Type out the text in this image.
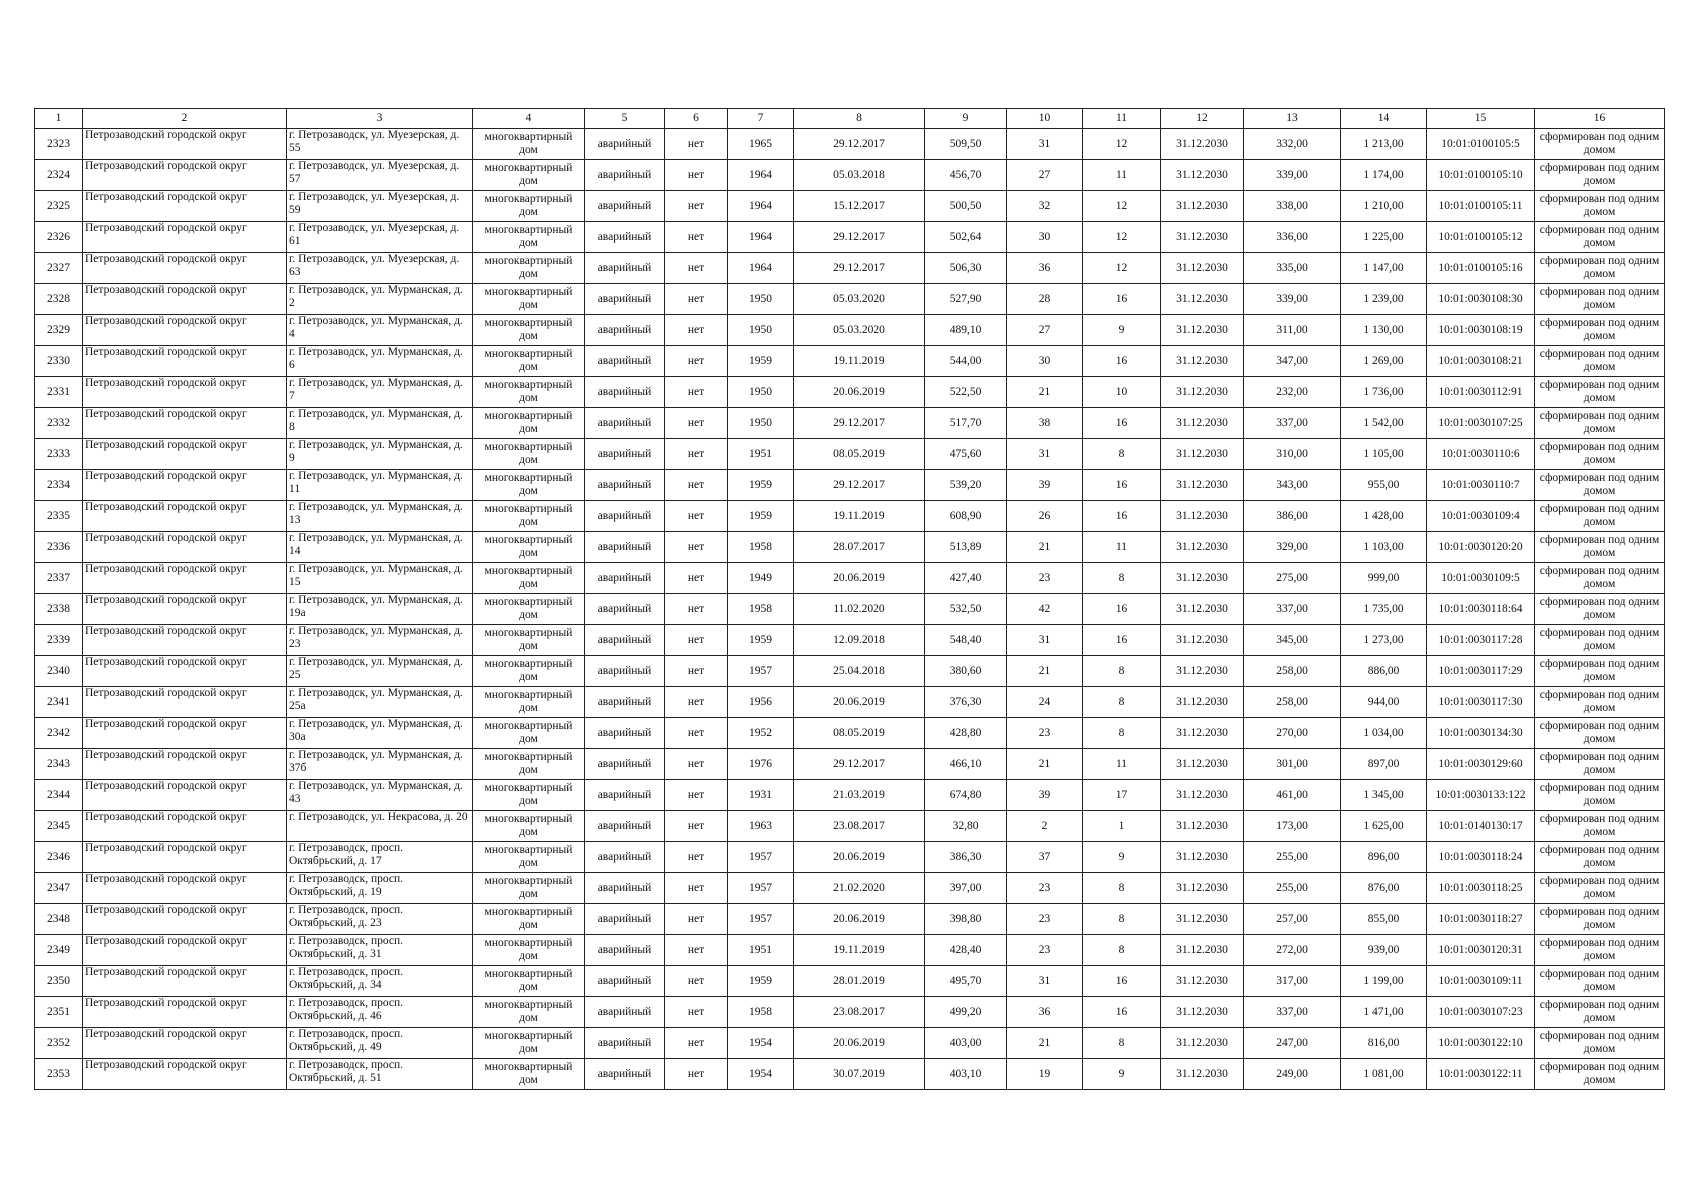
1	2	3	4	5	6	7	8	9	10	11	12	13	14	15	16
2323	Петрозаводский городской округ	г. Петрозаводск, ул. Муезерская, д. 55	многоквартирный дом	аварийный	нет	1965	29.12.2017	509,50	31	12	31.12.2030	332,00	1 213,00	10:01:0100105:5	сформирован под одним домом
2324	Петрозаводский городской округ	г. Петрозаводск, ул. Муезерская, д. 57	многоквартирный дом	аварийный	нет	1964	05.03.2018	456,70	27	11	31.12.2030	339,00	1 174,00	10:01:0100105:10	сформирован под одним домом
2325	Петрозаводский городской округ	г. Петрозаводск, ул. Муезерская, д. 59	многоквартирный дом	аварийный	нет	1964	15.12.2017	500,50	32	12	31.12.2030	338,00	1 210,00	10:01:0100105:11	сформирован под одним домом
2326	Петрозаводский городской округ	г. Петрозаводск, ул. Муезерская, д. 61	многоквартирный дом	аварийный	нет	1964	29.12.2017	502,64	30	12	31.12.2030	336,00	1 225,00	10:01:0100105:12	сформирован под одним домом
2327	Петрозаводский городской округ	г. Петрозаводск, ул. Муезерская, д. 63	многоквартирный дом	аварийный	нет	1964	29.12.2017	506,30	36	12	31.12.2030	335,00	1 147,00	10:01:0100105:16	сформирован под одним домом
2328	Петрозаводский городской округ	г. Петрозаводск, ул. Мурманская, д. 2	многоквартирный дом	аварийный	нет	1950	05.03.2020	527,90	28	16	31.12.2030	339,00	1 239,00	10:01:0030108:30	сформирован под одним домом
2329	Петрозаводский городской округ	г. Петрозаводск, ул. Мурманская, д. 4	многоквартирный дом	аварийный	нет	1950	05.03.2020	489,10	27	9	31.12.2030	311,00	1 130,00	10:01:0030108:19	сформирован под одним домом
2330	Петрозаводский городской округ	г. Петрозаводск, ул. Мурманская, д. 6	многоквартирный дом	аварийный	нет	1959	19.11.2019	544,00	30	16	31.12.2030	347,00	1 269,00	10:01:0030108:21	сформирован под одним домом
2331	Петрозаводский городской округ	г. Петрозаводск, ул. Мурманская, д. 7	многоквартирный дом	аварийный	нет	1950	20.06.2019	522,50	21	10	31.12.2030	232,00	1 736,00	10:01:0030112:91	сформирован под одним домом
2332	Петрозаводский городской округ	г. Петрозаводск, ул. Мурманская, д. 8	многоквартирный дом	аварийный	нет	1950	29.12.2017	517,70	38	16	31.12.2030	337,00	1 542,00	10:01:0030107:25	сформирован под одним домом
2333	Петрозаводский городской округ	г. Петрозаводск, ул. Мурманская, д. 9	многоквартирный дом	аварийный	нет	1951	08.05.2019	475,60	31	8	31.12.2030	310,00	1 105,00	10:01:0030110:6	сформирован под одним домом
2334	Петрозаводский городской округ	г. Петрозаводск, ул. Мурманская, д. 11	многоквартирный дом	аварийный	нет	1959	29.12.2017	539,20	39	16	31.12.2030	343,00	955,00	10:01:0030110:7	сформирован под одним домом
2335	Петрозаводский городской округ	г. Петрозаводск, ул. Мурманская, д. 13	многоквартирный дом	аварийный	нет	1959	19.11.2019	608,90	26	16	31.12.2030	386,00	1 428,00	10:01:0030109:4	сформирован под одним домом
2336	Петрозаводский городской округ	г. Петрозаводск, ул. Мурманская, д. 14	многоквартирный дом	аварийный	нет	1958	28.07.2017	513,89	21	11	31.12.2030	329,00	1 103,00	10:01:0030120:20	сформирован под одним домом
2337	Петрозаводский городской округ	г. Петрозаводск, ул. Мурманская, д. 15	многоквартирный дом	аварийный	нет	1949	20.06.2019	427,40	23	8	31.12.2030	275,00	999,00	10:01:0030109:5	сформирован под одним домом
2338	Петрозаводский городской округ	г. Петрозаводск, ул. Мурманская, д. 19а	многоквартирный дом	аварийный	нет	1958	11.02.2020	532,50	42	16	31.12.2030	337,00	1 735,00	10:01:0030118:64	сформирован под одним домом
2339	Петрозаводский городской округ	г. Петрозаводск, ул. Мурманская, д. 23	многоквартирный дом	аварийный	нет	1959	12.09.2018	548,40	31	16	31.12.2030	345,00	1 273,00	10:01:0030117:28	сформирован под одним домом
2340	Петрозаводский городской округ	г. Петрозаводск, ул. Мурманская, д. 25	многоквартирный дом	аварийный	нет	1957	25.04.2018	380,60	21	8	31.12.2030	258,00	886,00	10:01:0030117:29	сформирован под одним домом
2341	Петрозаводский городской округ	г. Петрозаводск, ул. Мурманская, д. 25а	многоквартирный дом	аварийный	нет	1956	20.06.2019	376,30	24	8	31.12.2030	258,00	944,00	10:01:0030117:30	сформирован под одним домом
2342	Петрозаводский городской округ	г. Петрозаводск, ул. Мурманская, д. 30а	многоквартирный дом	аварийный	нет	1952	08.05.2019	428,80	23	8	31.12.2030	270,00	1 034,00	10:01:0030134:30	сформирован под одним домом
2343	Петрозаводский городской округ	г. Петрозаводск, ул. Мурманская, д. 37б	многоквартирный дом	аварийный	нет	1976	29.12.2017	466,10	21	11	31.12.2030	301,00	897,00	10:01:0030129:60	сформирован под одним домом
2344	Петрозаводский городской округ	г. Петрозаводск, ул. Мурманская, д. 43	многоквартирный дом	аварийный	нет	1931	21.03.2019	674,80	39	17	31.12.2030	461,00	1 345,00	10:01:0030133:122	сформирован под одним домом
2345	Петрозаводский городской округ	г. Петрозаводск, ул. Некрасова, д. 20	многоквартирный дом	аварийный	нет	1963	23.08.2017	32,80	2	1	31.12.2030	173,00	1 625,00	10:01:0140130:17	сформирован под одним домом
2346	Петрозаводский городской округ	г. Петрозаводск, просп. Октябрьский, д. 17	многоквартирный дом	аварийный	нет	1957	20.06.2019	386,30	37	9	31.12.2030	255,00	896,00	10:01:0030118:24	сформирован под одним домом
2347	Петрозаводский городской округ	г. Петрозаводск, просп. Октябрьский, д. 19	многоквартирный дом	аварийный	нет	1957	21.02.2020	397,00	23	8	31.12.2030	255,00	876,00	10:01:0030118:25	сформирован под одним домом
2348	Петрозаводский городской округ	г. Петрозаводск, просп. Октябрьский, д. 23	многоквартирный дом	аварийный	нет	1957	20.06.2019	398,80	23	8	31.12.2030	257,00	855,00	10:01:0030118:27	сформирован под одним домом
2349	Петрозаводский городской округ	г. Петрозаводск, просп. Октябрьский, д. 31	многоквартирный дом	аварийный	нет	1951	19.11.2019	428,40	23	8	31.12.2030	272,00	939,00	10:01:0030120:31	сформирован под одним домом
2350	Петрозаводский городской округ	г. Петрозаводск, просп. Октябрьский, д. 34	многоквартирный дом	аварийный	нет	1959	28.01.2019	495,70	31	16	31.12.2030	317,00	1 199,00	10:01:0030109:11	сформирован под одним домом
2351	Петрозаводский городской округ	г. Петрозаводск, просп. Октябрьский, д. 46	многоквартирный дом	аварийный	нет	1958	23.08.2017	499,20	36	16	31.12.2030	337,00	1 471,00	10:01:0030107:23	сформирован под одним домом
2352	Петрозаводский городской округ	г. Петрозаводск, просп. Октябрьский, д. 49	многоквартирный дом	аварийный	нет	1954	20.06.2019	403,00	21	8	31.12.2030	247,00	816,00	10:01:0030122:10	сформирован под одним домом
2353	Петрозаводский городской округ	г. Петрозаводск, просп. Октябрьский, д. 51	многоквартирный дом	аварийный	нет	1954	30.07.2019	403,10	19	9	31.12.2030	249,00	1 081,00	10:01:0030122:11	сформирован под одним домом
